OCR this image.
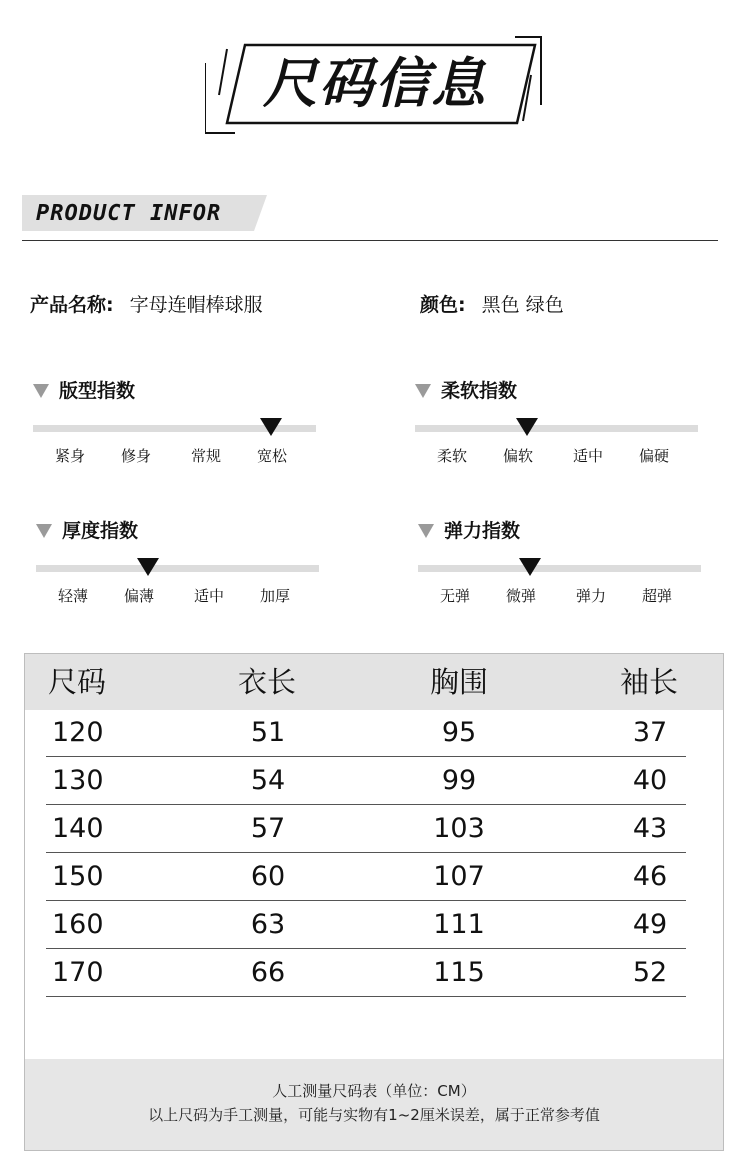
尺码信息
PRODUCT INFOR
产品名称: 字母连帽棒球服	颜色: 黑色 绿色
版型指数
紧身 修身	常规 宽松
柔软指数
柔软 偏软	适中 偏硬
厚度指数
轻薄 偏薄	适中 加厚
弹力指数
无弹 微弹	弹力 超弹
尺码	衣长	胸围	袖长
120	51	95	37
130	54	99	40
140	57	103	43
150	60	107	46
160	63	111	49
170	66	115	52
人工测量尺码表（单位：CM）
以上尺码为手工测量，可能与实物有1~2厘米误差，属于正常参考值
